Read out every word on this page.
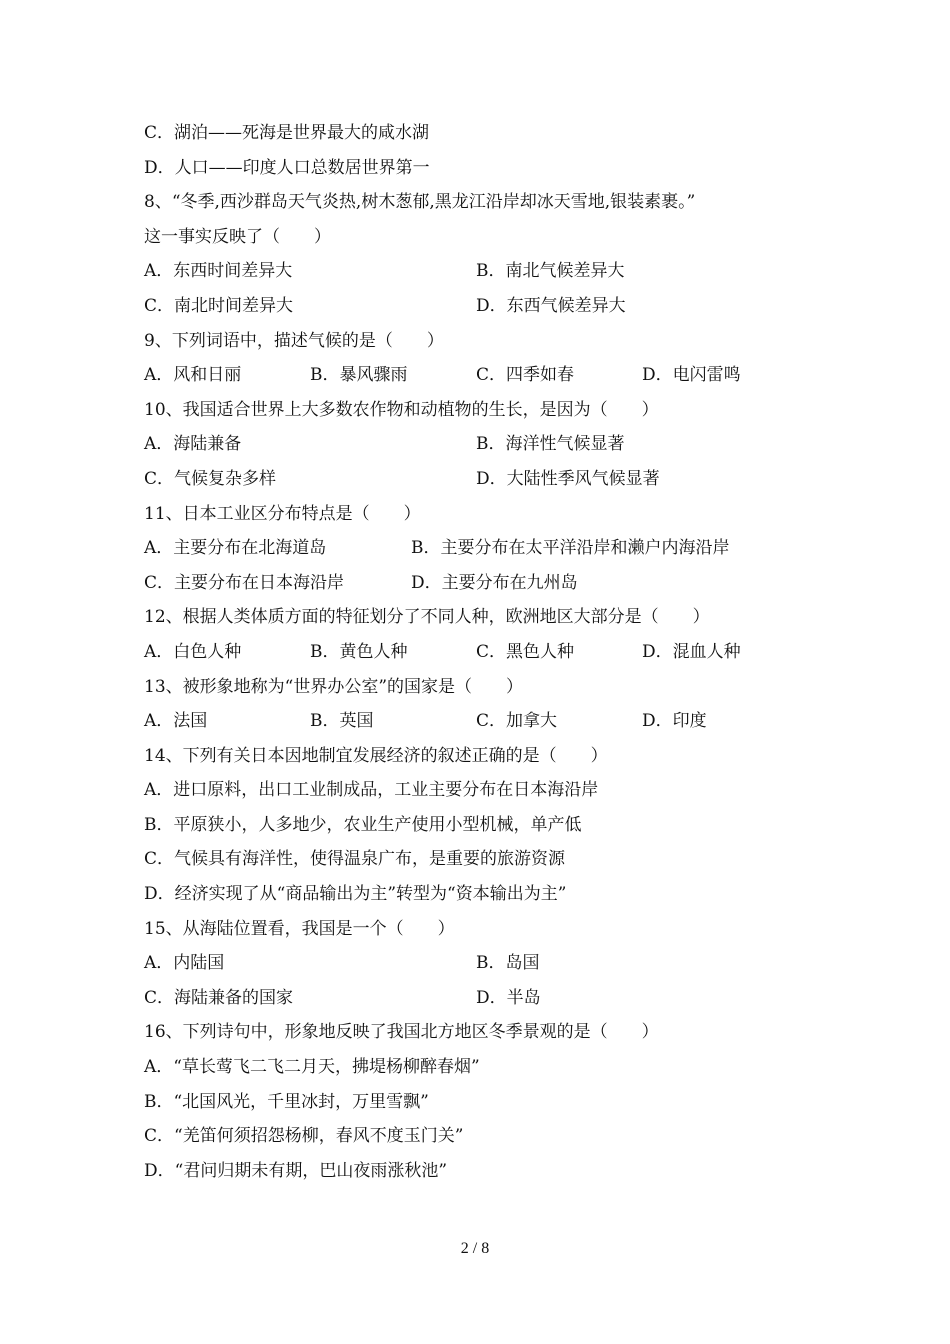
C．湖泊——死海是世界最大的咸水湖
D．人口——印度人口总数居世界第一
8、“冬季,西沙群岛天气炎热,树木葱郁,黑龙江沿岸却冰天雪地,银装素裹。”
这一事实反映了（　　）
A．东西时间差异大	B．南北气候差异大
C．南北时间差异大	D．东西气候差异大
9、下列词语中，描述气候的是（　　）
A．风和日丽	B．暴风骤雨	C．四季如春	D．电闪雷鸣
10、我国适合世界上大多数农作物和动植物的生长，是因为（　　）
A．海陆兼备	B．海洋性气候显著
C．气候复杂多样	D．大陆性季风气候显著
11、日本工业区分布特点是（　　）
A．主要分布在北海道岛	B．主要分布在太平洋沿岸和濑户内海沿岸
C．主要分布在日本海沿岸	D．主要分布在九州岛
12、根据人类体质方面的特征划分了不同人种，欧洲地区大部分是（　　）
A．白色人种	B．黄色人种	C．黑色人种	D．混血人种
13、被形象地称为“世界办公室”的国家是（　　）
A．法国	B．英国	C．加拿大	D．印度
14、下列有关日本因地制宜发展经济的叙述正确的是（　　）
A．进口原料，出口工业制成品，工业主要分布在日本海沿岸
B．平原狭小，人多地少，农业生产使用小型机械，单产低
C．气候具有海洋性，使得温泉广布，是重要的旅游资源
D．经济实现了从“商品输出为主”转型为“资本输出为主”
15、从海陆位置看，我国是一个（　　）
A．内陆国	B．岛国
C．海陆兼备的国家	D．半岛
16、下列诗句中，形象地反映了我国北方地区冬季景观的是（　　）
A．“草长莺飞二飞二月天，拂堤杨柳醉春烟”
B．“北国风光，千里冰封，万里雪飘”
C．“羌笛何须招怨杨柳，春风不度玉门关”
D．“君问归期未有期，巴山夜雨涨秋池”
2 / 8
